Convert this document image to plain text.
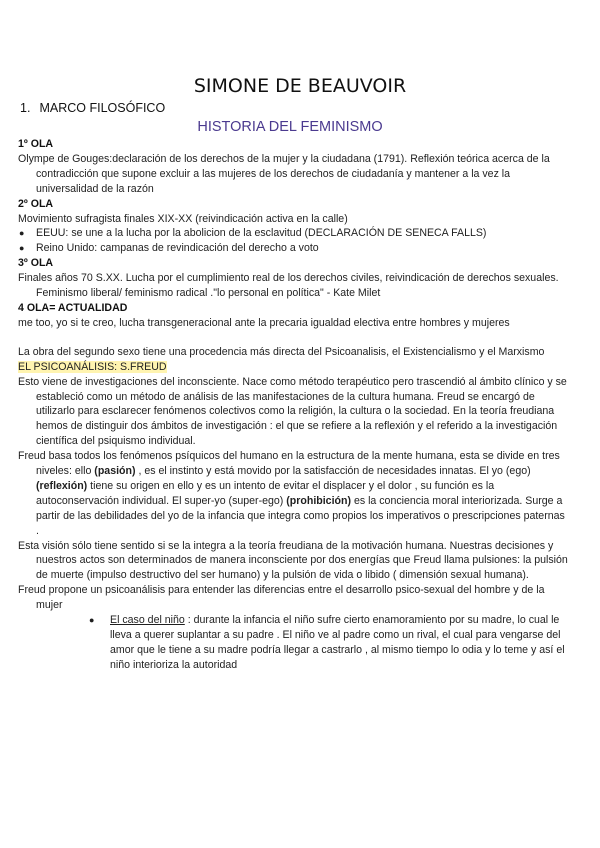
SIMONE DE BEAUVOIR
1. MARCO FILOSÓFICO
HISTORIA DEL FEMINISMO
1º OLA

Olympe de Gouges:declaración de los derechos de la mujer y la ciudadana (1791). Reflexión teórica acerca de la contradicción que supone excluir a las mujeres de los derechos de ciudadanía y mantener a la vez la universalidad de la razón

2º OLA

Movimiento sufragista finales XIX-XX (reivindicación activa en la calle)

● EEUU: se une a la lucha por la abolicion de la esclavitud (DECLARACIÓN DE SENECA FALLS)
● Reino Unido: campanas de revindicación del derecho a voto
3º OLA

Finales años 70 S.XX. Lucha por el cumplimiento real de los derechos civiles, reivindicación de derechos sexuales. Feminismo liberal/ feminismo radical ."lo personal en política" - Kate Milet

4 OLA= ACTUALIDAD

me too, yo si te creo, lucha transgeneracional ante la precaria igualdad electiva entre hombres y mujeres

La obra del segundo sexo tiene una procedencia más directa del Psicoanalisis, el Existencialismo y el Marxismo

EL PSICOANÁLISIS: S.FREUD

Esto viene de investigaciones del inconsciente. Nace como método terapéutico pero trascendió al ámbito clínico y se estableció como un método de análisis de las manifestaciones de la cultura humana. Freud se encargó de utilizarlo para esclarecer fenómenos colectivos como la religión, la cultura o la sociedad. En la teoría freudiana hemos de distinguir dos ámbitos de investigación : el que se refiere a la reflexión y el referido a la investigación científica del psiquismo individual.

Freud basa todos los fenómenos psíquicos del humano en la estructura de la mente humana, esta se divide en tres niveles: ello (pasión) , es el instinto y está movido por la satisfacción de necesidades innatas. El yo (ego) (reflexión) tiene su origen en ello y es un intento de evitar el displacer y el dolor , su función es la autoconservación individual. El super-yo (super-ego) (prohibición) es la conciencia moral interiorizada. Surge a partir de las debilidades del yo de la infancia que integra como propios los imperativos o prescripciones paternas .

Esta visión sólo tiene sentido si se la integra a la teoría freudiana de la motivación humana. Nuestras decisiones y nuestros actos son determinados de manera inconsciente por dos energías que Freud llama pulsiones: la pulsión de muerte (impulso destructivo del ser humano) y la pulsión de vida o libido ( dimensión sexual humana).

Freud propone un psicoanálisis para entender las diferencias entre el desarrollo psico-sexual del hombre y de la mujer

● El caso del niño : durante la infancia el niño sufre cierto enamoramiento por su madre, lo cual le lleva a querer suplantar a su padre . El niño ve al padre como un rival, el cual para vengarse del amor que le tiene a su madre podría llegar a castrarlo , al mismo tiempo lo odia y lo teme y así el niño interioriza la autoridad
